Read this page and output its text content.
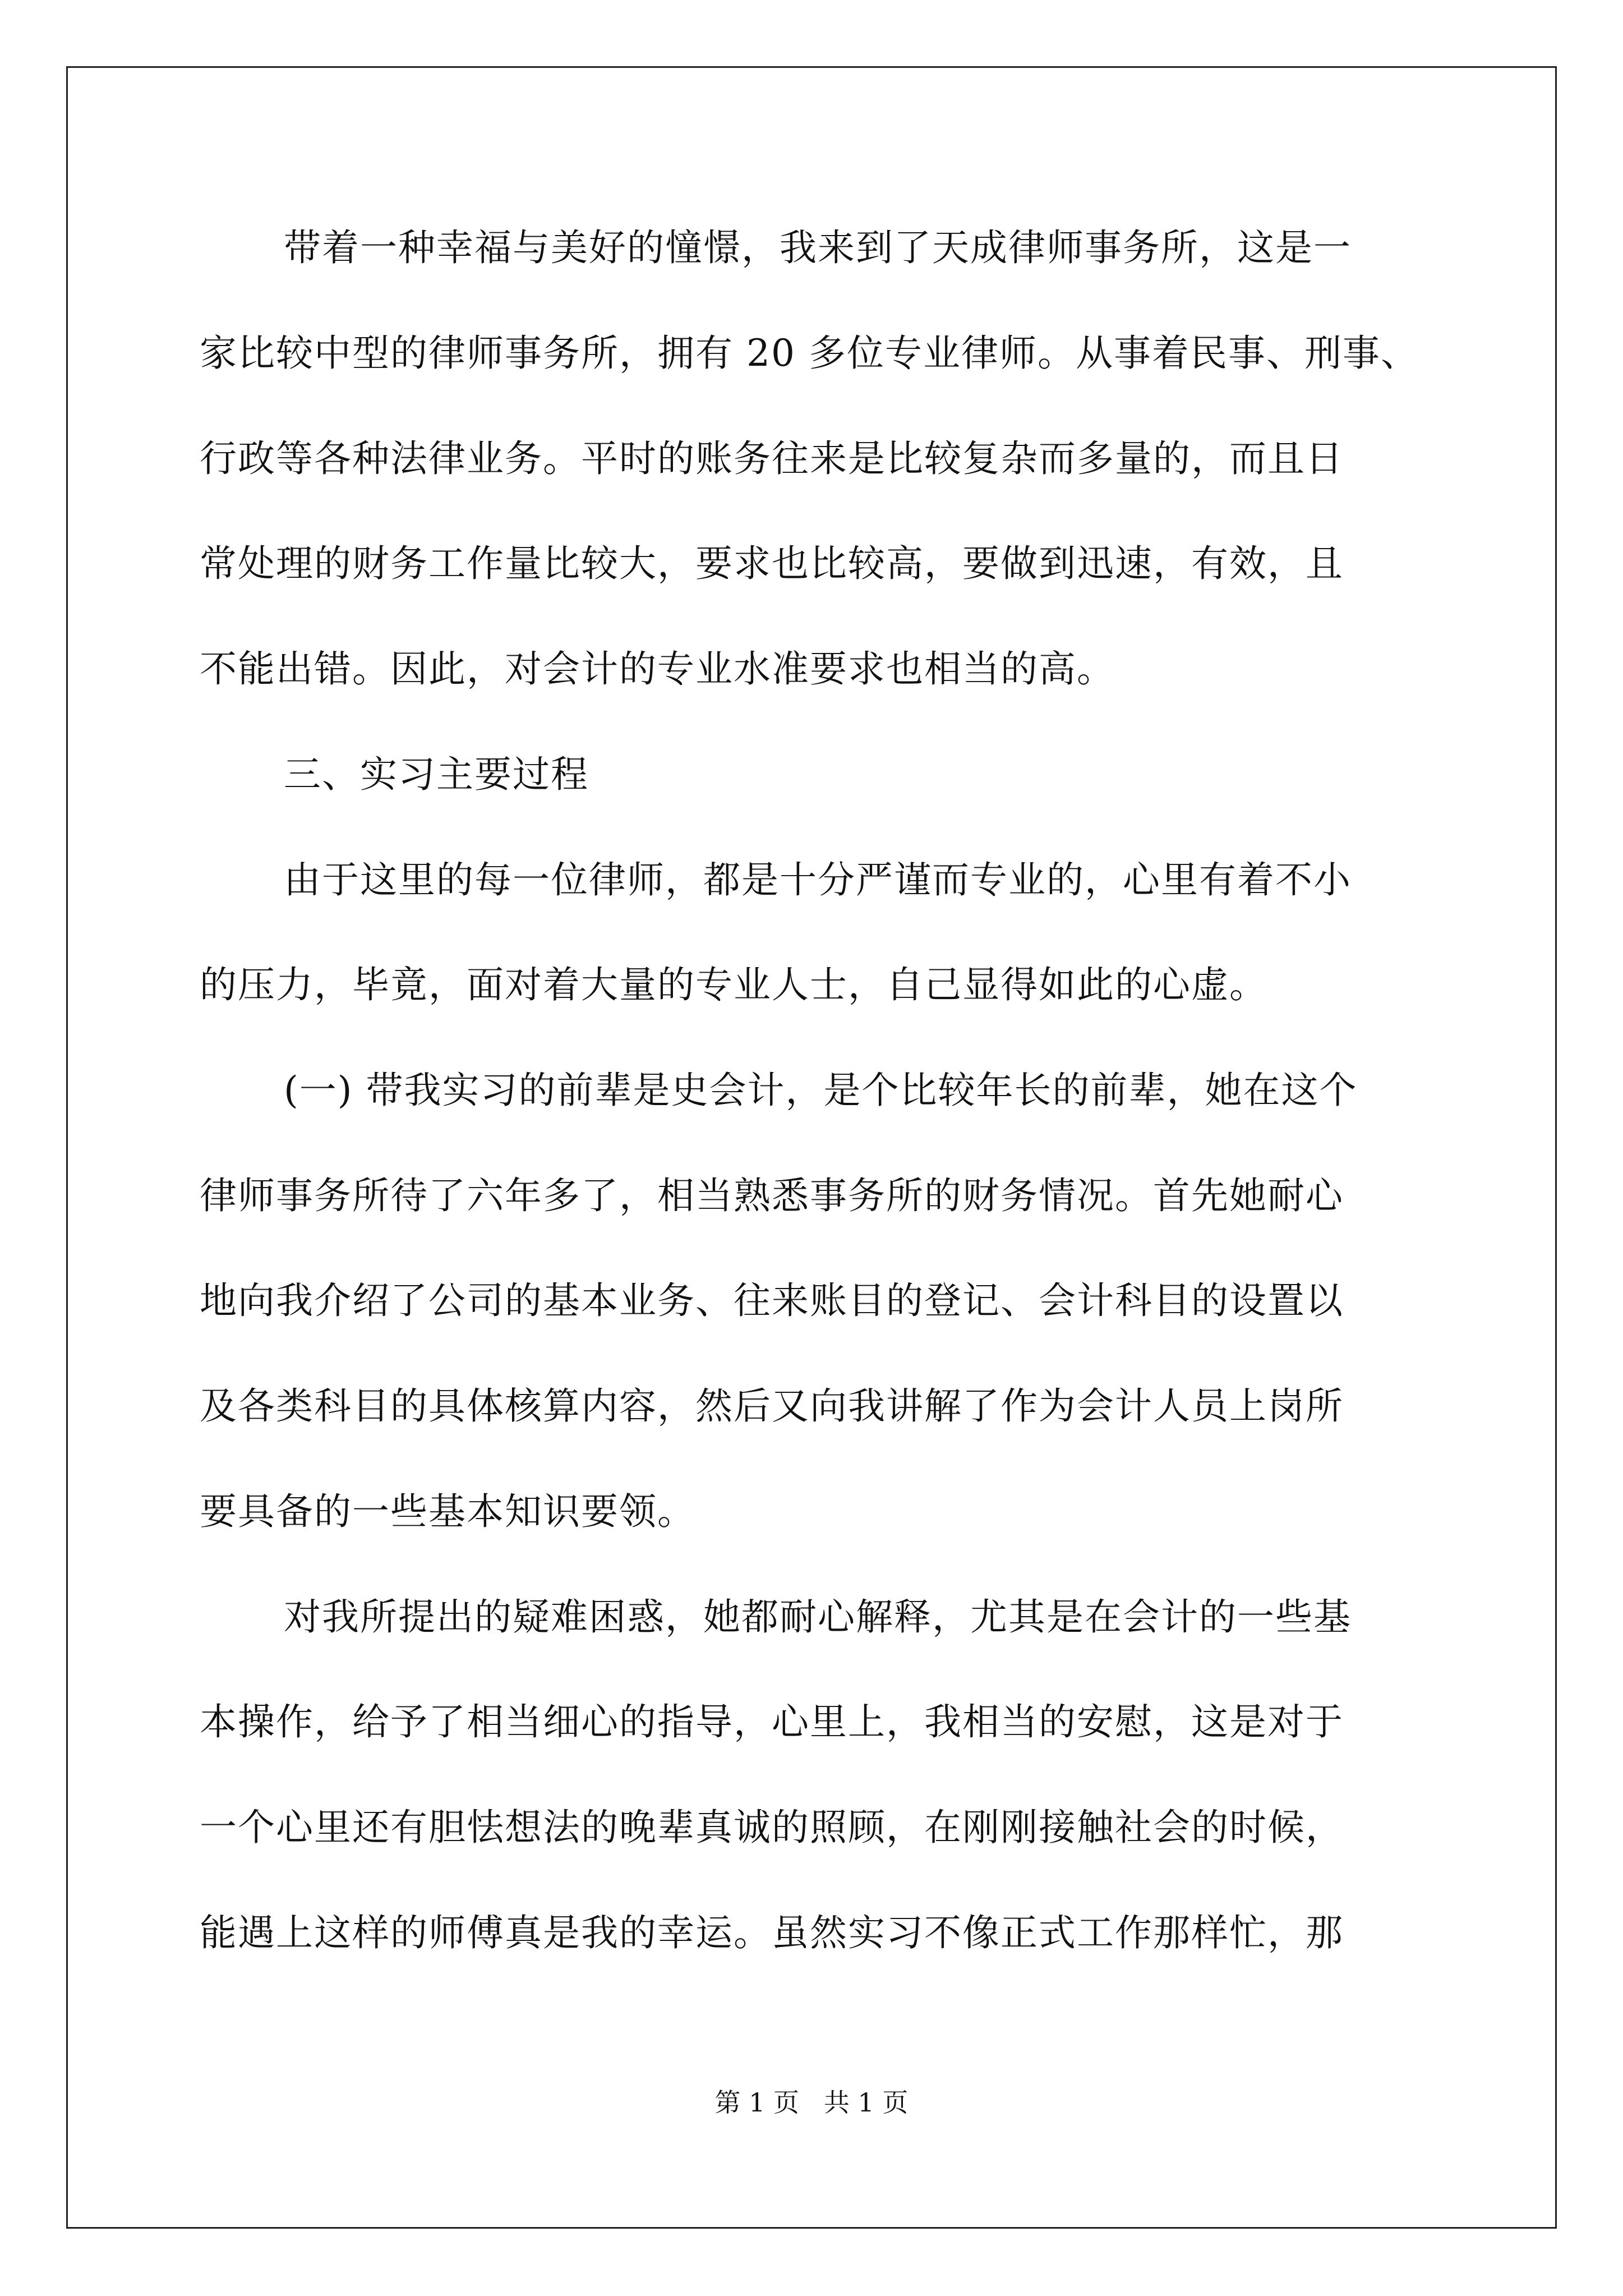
带着一种幸福与美好的憧憬，我来到了天成律师事务所，这是一
家比较中型的律师事务所，拥有 20 多位专业律师。从事着民事、刑事、
行政等各种法律业务。平时的账务往来是比较复杂而多量的，而且日
常处理的财务工作量比较大，要求也比较高，要做到迅速，有效，且
不能出错。因此，对会计的专业水准要求也相当的高。
三、实习主要过程
由于这里的每一位律师，都是十分严谨而专业的，心里有着不小
的压力，毕竟，面对着大量的专业人士，自己显得如此的心虚。
(一) 带我实习的前辈是史会计，是个比较年长的前辈，她在这个
律师事务所待了六年多了，相当熟悉事务所的财务情况。首先她耐心
地向我介绍了公司的基本业务、往来账目的登记、会计科目的设置以
及各类科目的具体核算内容，然后又向我讲解了作为会计人员上岗所
要具备的一些基本知识要领。
对我所提出的疑难困惑，她都耐心解释，尤其是在会计的一些基
本操作，给予了相当细心的指导，心里上，我相当的安慰，这是对于
一个心里还有胆怯想法的晚辈真诚的照顾，在刚刚接触社会的时候，
能遇上这样的师傅真是我的幸运。虽然实习不像正式工作那样忙，那
第 1 页   共 1 页
